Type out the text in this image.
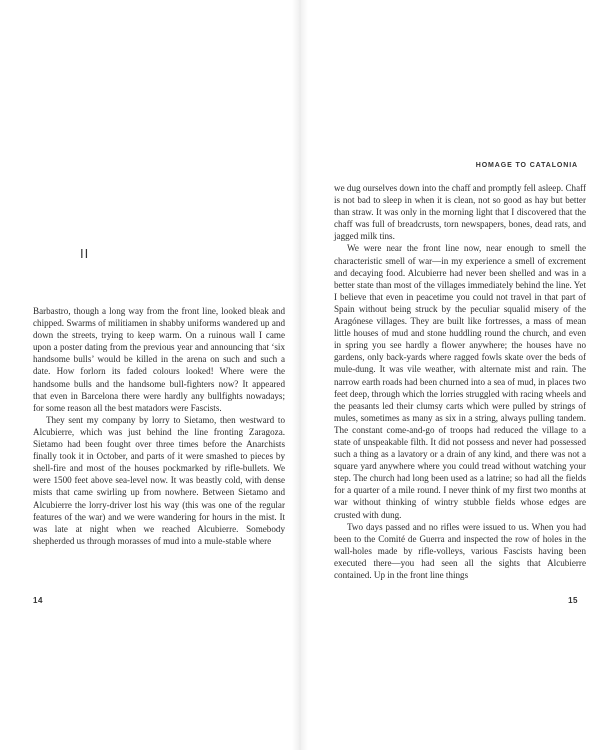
II

Barbastro, though a long way from the front line, looked bleak and chipped. Swarms of militiamen in shabby uniforms wandered up and down the streets, trying to keep warm. On a ruinous wall I came upon a poster dating from the previous year and announcing that ‘six handsome bulls’ would be killed in the arena on such and such a date. How forlorn its faded colours looked! Where were the handsome bulls and the handsome bull-fighters now? It appeared that even in Barcelona there were hardly any bullfights nowadays; for some reason all the best matadors were Fascists.

They sent my company by lorry to Sietamo, then westward to Alcubierre, which was just behind the line fronting Zaragoza. Sietamo had been fought over three times before the Anarchists finally took it in October, and parts of it were smashed to pieces by shell-fire and most of the houses pockmarked by rifle-bullets. We were 1500 feet above sea-level now. It was beastly cold, with dense mists that came swirling up from nowhere. Between Sietamo and Alcubierre the lorry-driver lost his way (this was one of the regular features of the war) and we were wandering for hours in the mist. It was late at night when we reached Alcubierre. Somebody shepherded us through morasses of mud into a mule-stable where

14
HOMAGE TO CATALONIA

we dug ourselves down into the chaff and promptly fell asleep. Chaff is not bad to sleep in when it is clean, not so good as hay but better than straw. It was only in the morning light that I discovered that the chaff was full of breadcrusts, torn newspapers, bones, dead rats, and jagged milk tins.

We were near the front line now, near enough to smell the characteristic smell of war—in my experience a smell of excrement and decaying food. Alcubierre had never been shelled and was in a better state than most of the villages immediately behind the line. Yet I believe that even in peacetime you could not travel in that part of Spain without being struck by the peculiar squalid misery of the Aragónese villages. They are built like fortresses, a mass of mean little houses of mud and stone huddling round the church, and even in spring you see hardly a flower anywhere; the houses have no gardens, only back-yards where ragged fowls skate over the beds of mule-dung. It was vile weather, with alternate mist and rain. The narrow earth roads had been churned into a sea of mud, in places two feet deep, through which the lorries struggled with racing wheels and the peasants led their clumsy carts which were pulled by strings of mules, sometimes as many as six in a string, always pulling tandem. The constant come-and-go of troops had reduced the village to a state of unspeakable filth. It did not possess and never had possessed such a thing as a lavatory or a drain of any kind, and there was not a square yard anywhere where you could tread without watching your step. The church had long been used as a latrine; so had all the fields for a quarter of a mile round. I never think of my first two months at war without thinking of wintry stubble fields whose edges are crusted with dung.

Two days passed and no rifles were issued to us. When you had been to the Comité de Guerra and inspected the row of holes in the wall-holes made by rifle-volleys, various Fascists having been executed there—you had seen all the sights that Alcubierre contained. Up in the front line things

15
